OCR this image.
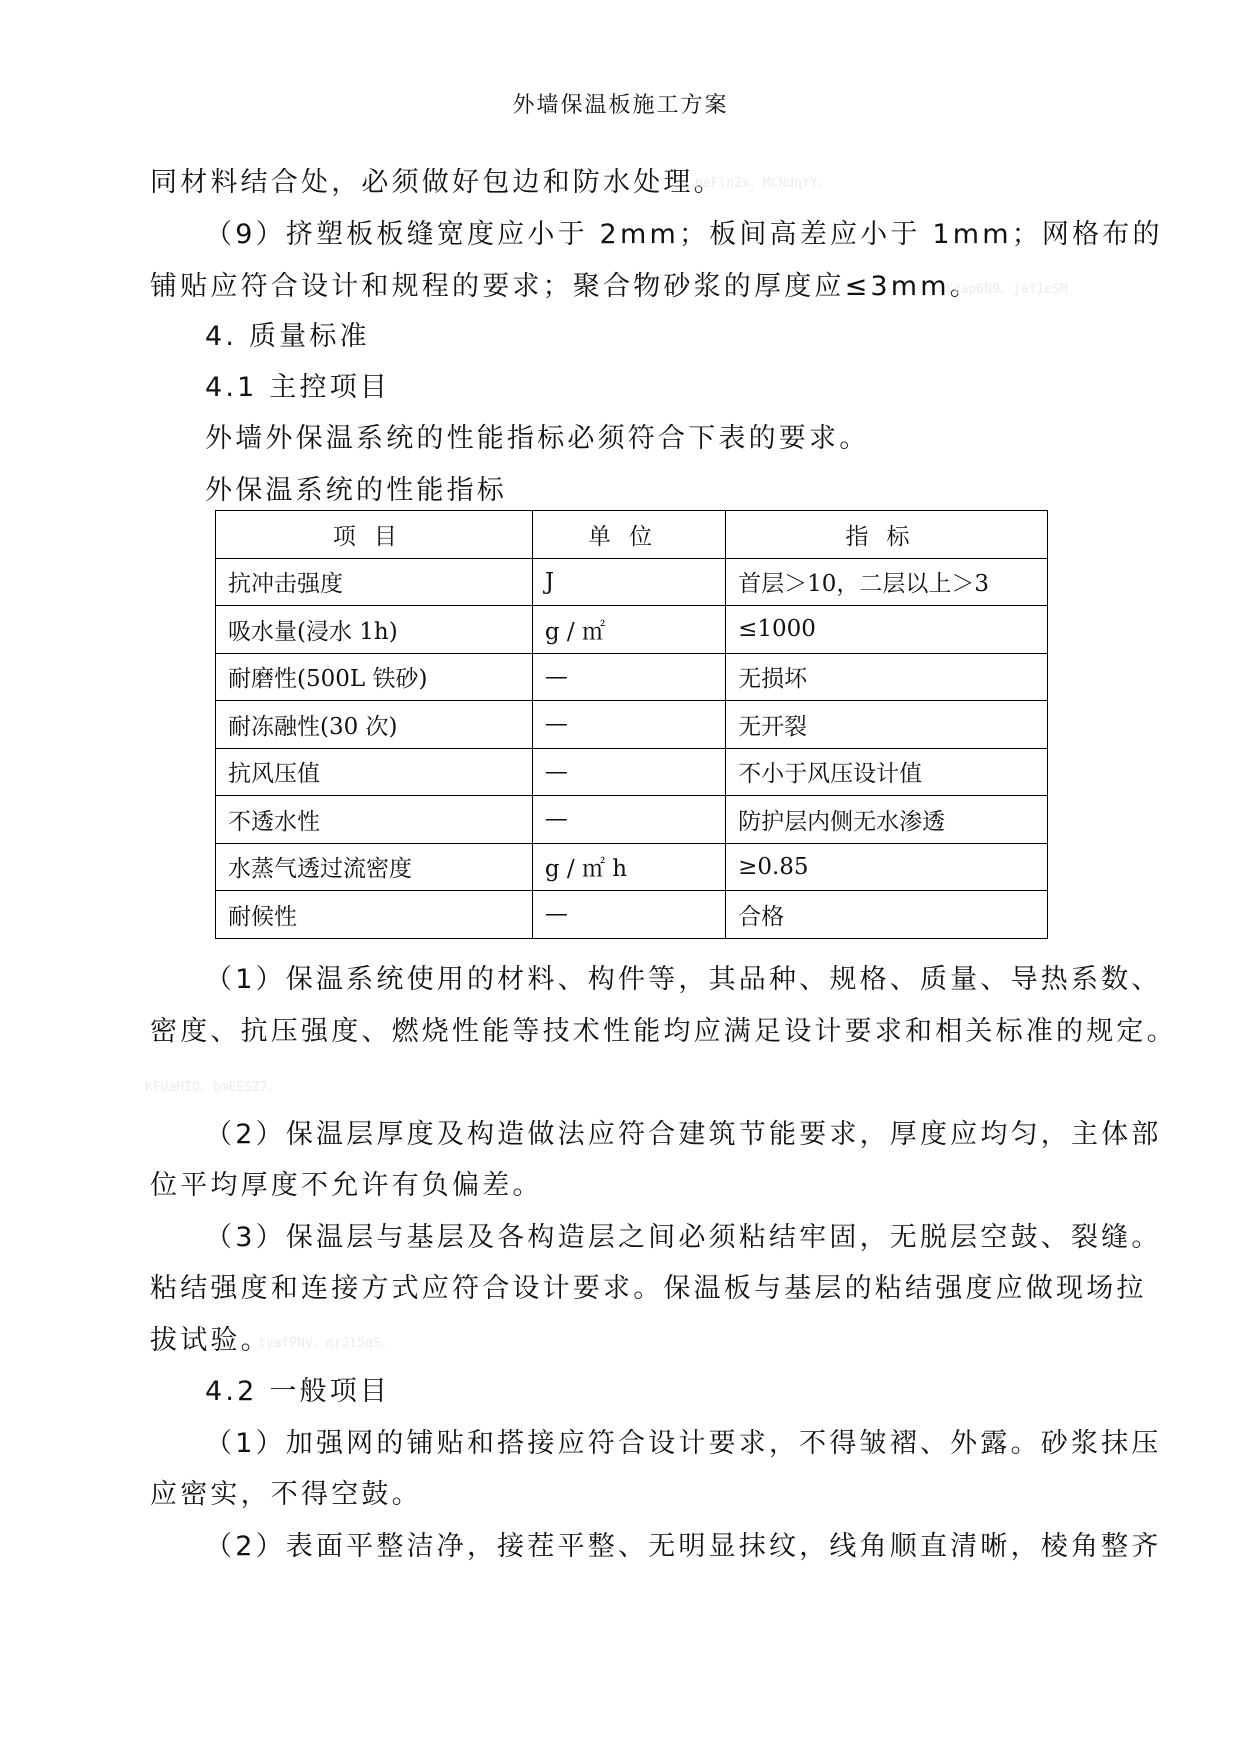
外墙保温板施工方案
同材料结合处，必须做好包边和防水处理。
neFlnZx、MCNdqYY。
（9）挤塑板板缝宽度应小于 2mm；板间高差应小于 1mm；网格布的
铺贴应符合设计和规程的要求；聚合物砂浆的厚度应≤3mm。
Yzap6N9、jaf1eSM。
4. 质量标准
4.1 主控项目
外墙外保温系统的性能指标必须符合下表的要求。
外保温系统的性能指标
项目	单位	指标
抗冲击强度	J	首层＞10，二层以上＞3
吸水量(浸水 1h)	g / ㎡	≤1000
耐磨性(500L 铁砂)	—	无损坏
耐冻融性(30 次)	—	无开裂
抗风压值	—	不小于风压设计值
不透水性	—	防护层内侧无水渗透
水蒸气透过流密度	g / ㎡ h	≥0.85
耐候性	—	合格
（1）保温系统使用的材料、构件等，其品种、规格、质量、导热系数、
密度、抗压强度、燃烧性能等技术性能均应满足设计要求和相关标准的规定。
KFUaHIO、bmEESZ7。
（2）保温层厚度及构造做法应符合建筑节能要求，厚度应均匀，主体部
位平均厚度不允许有负偏差。
（3）保温层与基层及各构造层之间必须粘结牢固，无脱层空鼓、裂缝。
粘结强度和连接方式应符合设计要求。保温板与基层的粘结强度应做现场拉
拔试验。
tyafPNV、mrJl5qS。
4.2 一般项目
（1）加强网的铺贴和搭接应符合设计要求，不得皱褶、外露。砂浆抹压
应密实，不得空鼓。
（2）表面平整洁净，接茬平整、无明显抹纹，线角顺直清晰，棱角整齐
